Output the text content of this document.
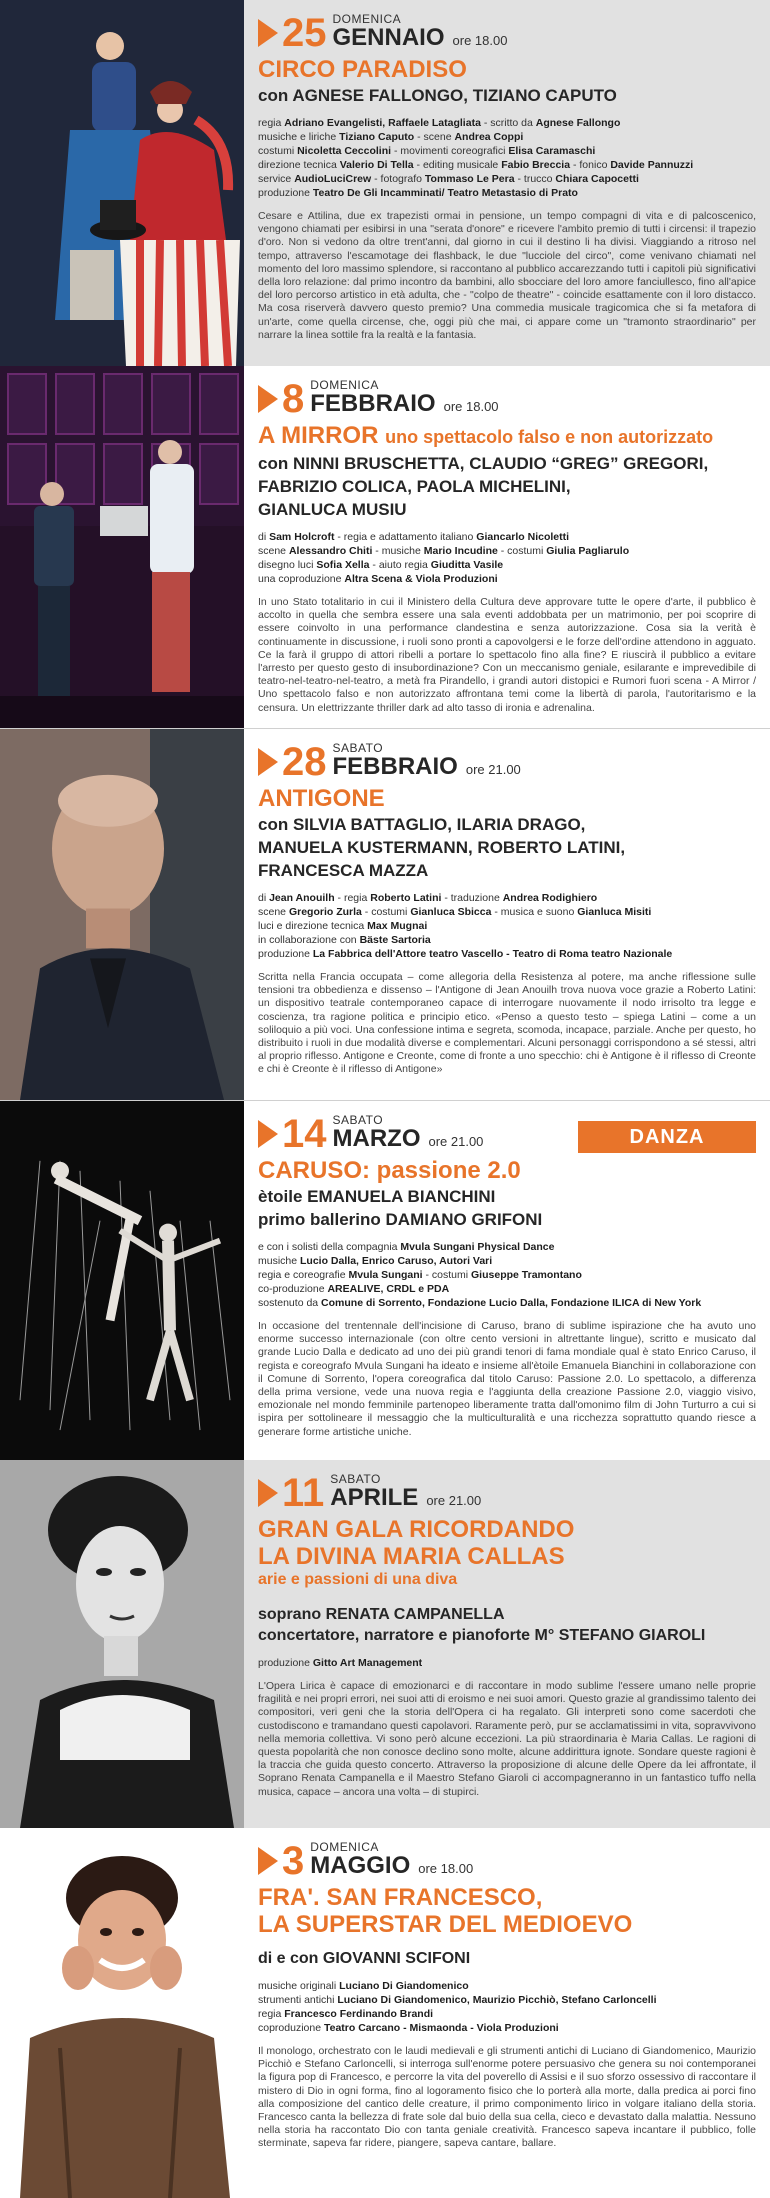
25 DOMENICA
GENNAIO ore 18.00
CIRCO PARADISO
con AGNESE FALLONGO, TIZIANO CAPUTO
regia Adriano Evangelisti, Raffaele Latagliata - scritto da Agnese Fallongo
musiche e liriche Tiziano Caputo - scene Andrea Coppi
costumi Nicoletta Ceccolini - movimenti coreografici Elisa Caramaschi
direzione tecnica Valerio Di Tella - editing musicale Fabio Breccia - fonico Davide Pannuzzi
service AudioLuciCrew - fotografo Tommaso Le Pera - trucco Chiara Capocetti
produzione Teatro De Gli Incamminati/ Teatro Metastasio di Prato

Cesare e Attilina, due ex trapezisti ormai in pensione, un tempo compagni di vita e di palcoscenico, vengono chiamati per esibirsi in una "serata d'onore" e ricevere l'ambito premio di tutti i circensi: il trapezio d'oro. Non si vedono da oltre trent'anni, dal giorno in cui il destino li ha divisi. Viaggiando a ritroso nel tempo, attraverso l'escamotage dei flashback, le due "lucciole del circo", come venivano chiamati nel momento del loro massimo splendore, si raccontano al pubblico accarezzando tutti i capitoli più significativi della loro relazione: dal primo incontro da bambini, allo sbocciare del loro amore fanciullesco, fino all'apice del loro percorso artistico in età adulta, che - "colpo de theatre" - coincide esattamente con il loro distacco. Ma cosa riserverà davvero questo premio? Una commedia musicale tragicomica che si fa metafora di un'arte, come quella circense, che, oggi più che mai, ci appare come un "tramonto straordinario" per narrare la linea sottile fra la realtà e la fantasia.

8 DOMENICA
FEBBRAIO ore 18.00
A MIRROR uno spettacolo falso e non autorizzato
con NINNI BRUSCHETTA, CLAUDIO “GREG” GREGORI,
FABRIZIO COLICA, PAOLA MICHELINI,
GIANLUCA MUSIU
di Sam Holcroft - regia e adattamento italiano Giancarlo Nicoletti
scene Alessandro Chiti - musiche Mario Incudine - costumi Giulia Pagliarulo
disegno luci Sofia Xella - aiuto regia Giuditta Vasile
una coproduzione Altra Scena & Viola Produzioni

In uno Stato totalitario in cui il Ministero della Cultura deve approvare tutte le opere d'arte, il pubblico è accolto in quella che sembra essere una sala eventi addobbata per un matrimonio, per poi scoprire di essere coinvolto in una performance clandestina e senza autorizzazione. Cosa sia la verità è continuamente in discussione, i ruoli sono pronti a capovolgersi e le forze dell'ordine attendono in agguato. Ce la farà il gruppo di attori ribelli a portare lo spettacolo fino alla fine? E riuscirà il pubblico a evitare l'arresto per questo gesto di insubordinazione? Con un meccanismo geniale, esilarante e imprevedibile di teatro-nel-teatro-nel-teatro, a metà fra Pirandello, i grandi autori distopici e Rumori fuori scena - A Mirror / Uno spettacolo falso e non autorizzato affrontana temi come la libertà di parola, l'autoritarismo e la censura. Un elettrizzante thriller dark ad alto tasso di ironia e adrenalina.

28 SABATO
FEBBRAIO ore 21.00
ANTIGONE
con SILVIA BATTAGLIO, ILARIA DRAGO,
MANUELA KUSTERMANN, ROBERTO LATINI,
FRANCESCA MAZZA
di Jean Anouilh - regia Roberto Latini - traduzione Andrea Rodighiero
scene Gregorio Zurla - costumi Gianluca Sbicca - musica e suono Gianluca Misiti
luci e direzione tecnica Max Mugnai
in collaborazione con Bäste Sartoria
produzione La Fabbrica dell'Attore teatro Vascello - Teatro di Roma teatro Nazionale

Scritta nella Francia occupata – come allegoria della Resistenza al potere, ma anche riflessione sulle tensioni tra obbedienza e dissenso – l'Antigone di Jean Anouilh trova nuova voce grazie a Roberto Latini: un dispositivo teatrale contemporaneo capace di interrogare nuovamente il nodo irrisolto tra legge e coscienza, tra ragione politica e principio etico. «Penso a questo testo – spiega Latini – come a un soliloquio a più voci. Una confessione intima e segreta, scomoda, incapace, parziale. Anche per questo, ho distribuito i ruoli in due modalità diverse e complementari. Alcuni personaggi corrispondono a sé stessi, altri al proprio riflesso. Antigone e Creonte, come di fronte a uno specchio: chi è Antigone è il riflesso di Creonte e chi è Creonte è il riflesso di Antigone»

DANZA
14 SABATO
MARZO ore 21.00
CARUSO: passione 2.0
ètoile EMANUELA BIANCHINI
primo ballerino DAMIANO GRIFONI
e con i solisti della compagnia Mvula Sungani Physical Dance
musiche Lucio Dalla, Enrico Caruso, Autori Vari
regia e coreografie Mvula Sungani - costumi Giuseppe Tramontano
co-produzione AREALIVE, CRDL e PDA
sostenuto da Comune di Sorrento, Fondazione Lucio Dalla, Fondazione ILICA di New York

In occasione del trentennale dell'incisione di Caruso, brano di sublime ispirazione che ha avuto uno enorme successo internazionale (con oltre cento versioni in altrettante lingue), scritto e musicato dal grande Lucio Dalla e dedicato ad uno dei più grandi tenori di fama mondiale qual è stato Enrico Caruso, il regista e coreografo Mvula Sungani ha ideato e insieme all'ètoile Emanuela Bianchini in collaborazione con il Comune di Sorrento, l'opera coreografica dal titolo Caruso: Passione 2.0. Lo spettacolo, a differenza della prima versione, vede una nuova regia e l'aggiunta della creazione Passione 2.0, viaggio visivo, emozionale nel mondo femminile partenopeo liberamente tratta dall'omonimo film di John Turturro a cui si ispira per sottolineare il messaggio che la multiculturalità e una ricchezza soprattutto quando riesce a generare forme artistiche uniche.

11 SABATO
APRILE ore 21.00
GRAN GALA RICORDANDO
LA DIVINA MARIA CALLAS
arie e passioni di una diva
soprano RENATA CAMPANELLA
concertatore, narratore e pianoforte M° STEFANO GIAROLI
produzione Gitto Art Management

L'Opera Lirica è capace di emozionarci e di raccontare in modo sublime l'essere umano nelle proprie fragilità e nei propri errori, nei suoi atti di eroismo e nei suoi amori. Questo grazie al grandissimo talento dei compositori, veri geni che la storia dell'Opera ci ha regalato. Gli interpreti sono come sacerdoti che custodiscono e tramandano questi capolavori. Raramente però, pur se acclamatissimi in vita, sopravvivono nella memoria collettiva. Vi sono però alcune eccezioni. La più straordinaria è Maria Callas. Le ragioni di questa popolarità che non conosce declino sono molte, alcune addirittura ignote. Sondare queste ragioni è la traccia che guida questo concerto. Attraverso la proposizione di alcune delle Opere da lei affrontate, il Soprano Renata Campanella e il Maestro Stefano Giaroli ci accompagneranno in un fantastico tuffo nella musica, capace – ancora una volta – di stupirci.

3 DOMENICA
MAGGIO ore 18.00
FRA'. SAN FRANCESCO,
LA SUPERSTAR DEL MEDIOEVO
di e con GIOVANNI SCIFONI
musiche originali Luciano Di Giandomenico
strumenti antichi Luciano Di Giandomenico, Maurizio Picchiò, Stefano Carloncelli
regia Francesco Ferdinando Brandi
coproduzione Teatro Carcano - Mismaonda - Viola Produzioni

Il monologo, orchestrato con le laudi medievali e gli strumenti antichi di Luciano di Giandomenico, Maurizio Picchiò e Stefano Carloncelli, si interroga sull'enorme potere persuasivo che genera su noi contemporanei la figura pop di Francesco, e percorre la vita del poverello di Assisi e il suo sforzo ossessivo di raccontare il mistero di Dio in ogni forma, fino al logoramento fisico che lo porterà alla morte, dalla predica ai porci fino alla composizione del cantico delle creature, il primo componimento lirico in volgare italiano della storia. Francesco canta la bellezza di frate sole dal buio della sua cella, cieco e devastato dalla malattia. Nessuno nella storia ha raccontato Dio con tanta geniale creatività. Francesco sapeva incantare il pubblico, folle sterminate, sapeva far ridere, piangere, sapeva cantare, ballare.
